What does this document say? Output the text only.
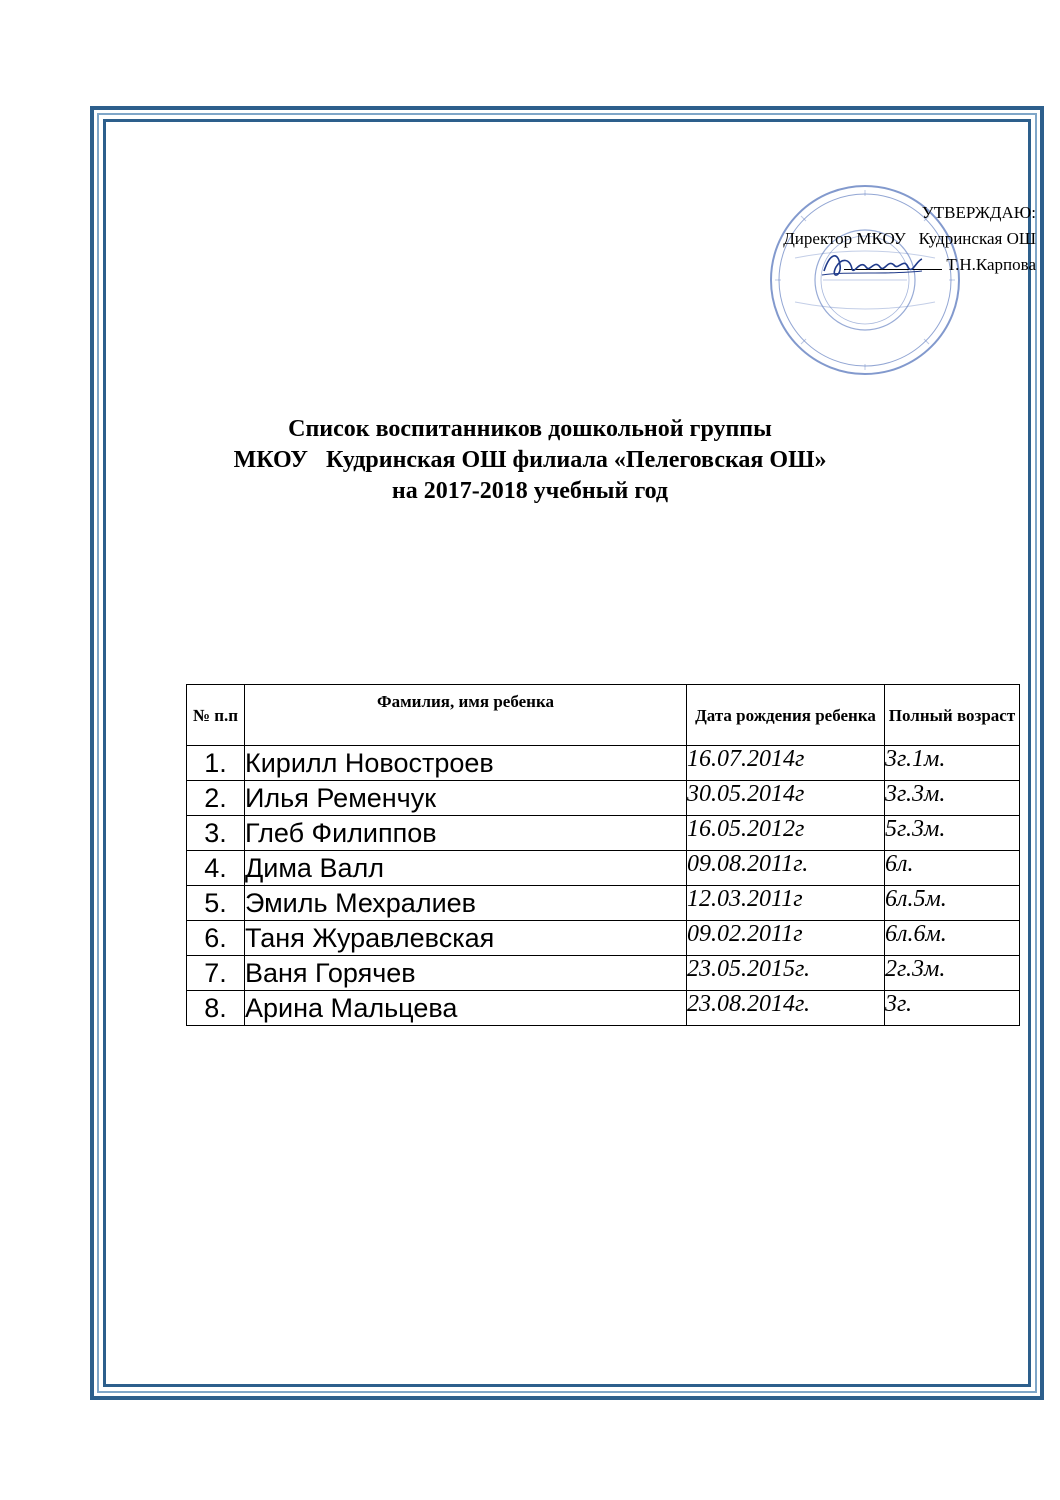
УТВЕРЖДАЮ:
Директор МКОУ   Кудринская ОШ
Т.Н.Карпова
Список воспитанников дошкольной группы
МКОУ   Кудринская ОШ филиала «Пелеговская ОШ»
на 2017-2018 учебный год
№ п.п	Фамилия, имя ребенка	Дата рождения ребенка	Полный возраст
1.	Кирилл Новостроев	16.07.2014г	3г.1м.
2.	Илья Ременчук	30.05.2014г	3г.3м.
3.	Глеб Филиппов	16.05.2012г	5г.3м.
4.	Дима Валл	09.08.2011г.	6л.
5.	Эмиль Мехралиев	12.03.2011г	6л.5м.
6.	Таня Журавлевская	09.02.2011г	6л.6м.
7.	Ваня Горячев	23.05.2015г.	2г.3м.
8.	Арина Мальцева	23.08.2014г.	3г.
